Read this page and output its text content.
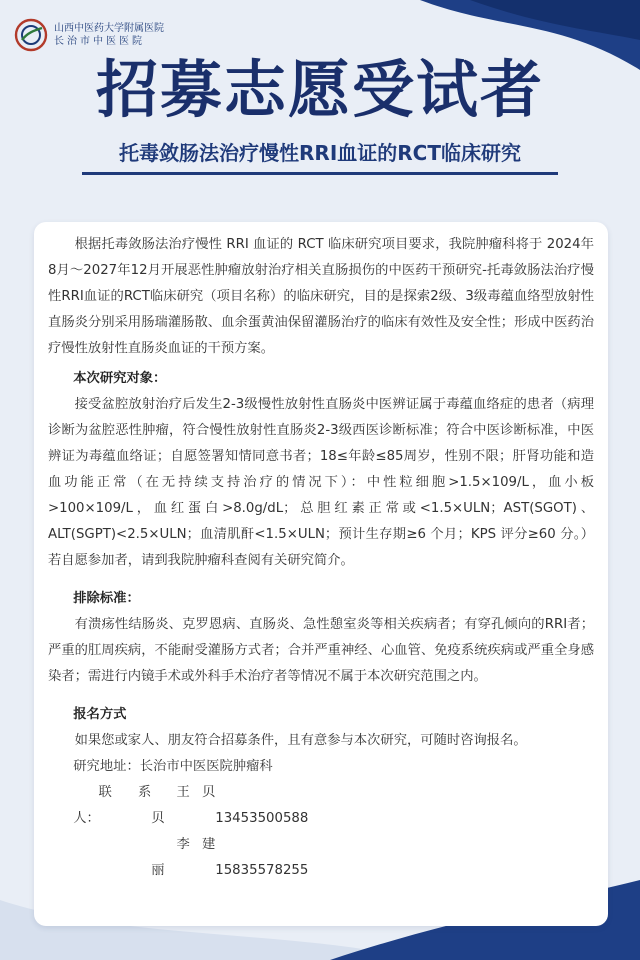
山西中医药大学附属医院
长治市中医医院
招募志愿受试者
托毒敛肠法治疗慢性RRI血证的RCT临床研究

根据托毒敛肠法治疗慢性 RRI 血证的 RCT 临床研究项目要求，我院肿瘤科将于 2024年8月～2027年12月开展恶性肿瘤放射治疗相关直肠损伤的中医药干预研究-托毒敛肠法治疗慢性RRI血证的RCT临床研究（项目名称）的临床研究，目的是探索2级、3级毒蕴血络型放射性直肠炎分别采用肠瑞灌肠散、血余蛋黄油保留灌肠治疗的临床有效性及安全性；形成中医药治疗慢性放射性直肠炎血证的干预方案。

本次研究对象：

接受盆腔放射治疗后发生2-3级慢性放射性直肠炎中医辨证属于毒蕴血络症的患者（病理诊断为盆腔恶性肿瘤，符合慢性放射性直肠炎2-3级西医诊断标准；符合中医诊断标准，中医辨证为毒蕴血络证；自愿签署知情同意书者；18≤年龄≤85周岁，性别不限；肝肾功能和造血功能正常（在无持续支持治疗的情况下）：中性粒细胞>1.5×109/L，血小板>100×109/L，血红蛋白>8.0g/dL；总胆红素正常或<1.5×ULN；AST(SGOT)、ALT(SGPT)<2.5×ULN；血清肌酐<1.5×ULN；预计生存期≥6 个月；KPS 评分≥60 分。）若自愿参加者，请到我院肿瘤科查阅有关研究简介。

排除标准：

有溃疡性结肠炎、克罗恩病、直肠炎、急性憩室炎等相关疾病者；有穿孔倾向的RRI者；严重的肛周疾病，不能耐受灌肠方式者；合并严重神经、心血管、免疫系统疾病或严重全身感染者；需进行内镜手术或外科手术治疗者等情况不属于本次研究范围之内。

报名方式

如果您或家人、朋友符合招募条件，且有意参与本次研究，可随时咨询报名。

研究地址：长治市中医医院肿瘤科
联系人：王贝贝	13453500588
李建丽	15835578255
